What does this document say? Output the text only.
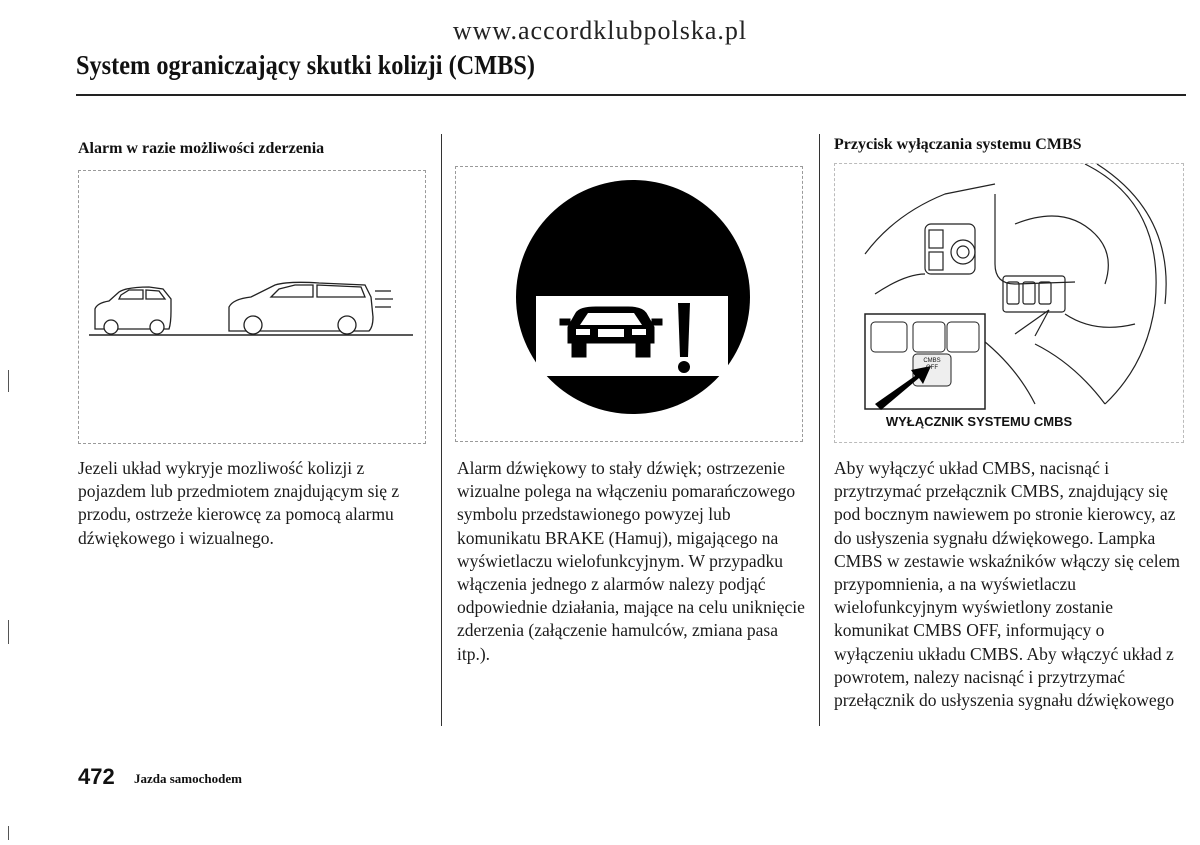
www.accordklubpolska.pl
System ograniczający skutki kolizji (CMBS)
Alarm w razie możliwości zderzenia
Jezeli układ wykryje mozliwość kolizji z pojazdem lub przedmiotem znajdującym się z przodu, ostrzeże kierowcę za pomocą alarmu dźwiękowego i wizualnego.
Alarm dźwiękowy to stały dźwięk; ostrzezenie wizualne polega na włączeniu pomarańczowego symbolu przedstawionego powyzej lub komunikatu BRAKE (Hamuj), migającego na wyświetlaczu wielofunkcyjnym. W przypadku włączenia jednego z alarmów nalezy podjąć odpowiednie działania, mające na celu uniknięcie zderzenia (załączenie hamulców, zmiana pasa itp.).
Przycisk wyłączania systemu CMBS
CMBS
OFF
WYŁĄCZNIK SYSTEMU CMBS
Aby wyłączyć układ CMBS, nacisnąć i przytrzymać przełącznik CMBS, znajdujący się pod bocznym nawiewem po stronie kierowcy, az do usłyszenia sygnału dźwiękowego. Lampka CMBS w zestawie wskaźników włączy się celem przypomnienia, a na wyświetlaczu wielofunkcyjnym wyświetlony zostanie komunikat CMBS OFF, informujący o wyłączeniu układu CMBS. Aby włączyć układ z powrotem, nalezy nacisnąć i przytrzymać przełącznik do usłyszenia sygnału dźwiękowego
472 Jazda samochodem
